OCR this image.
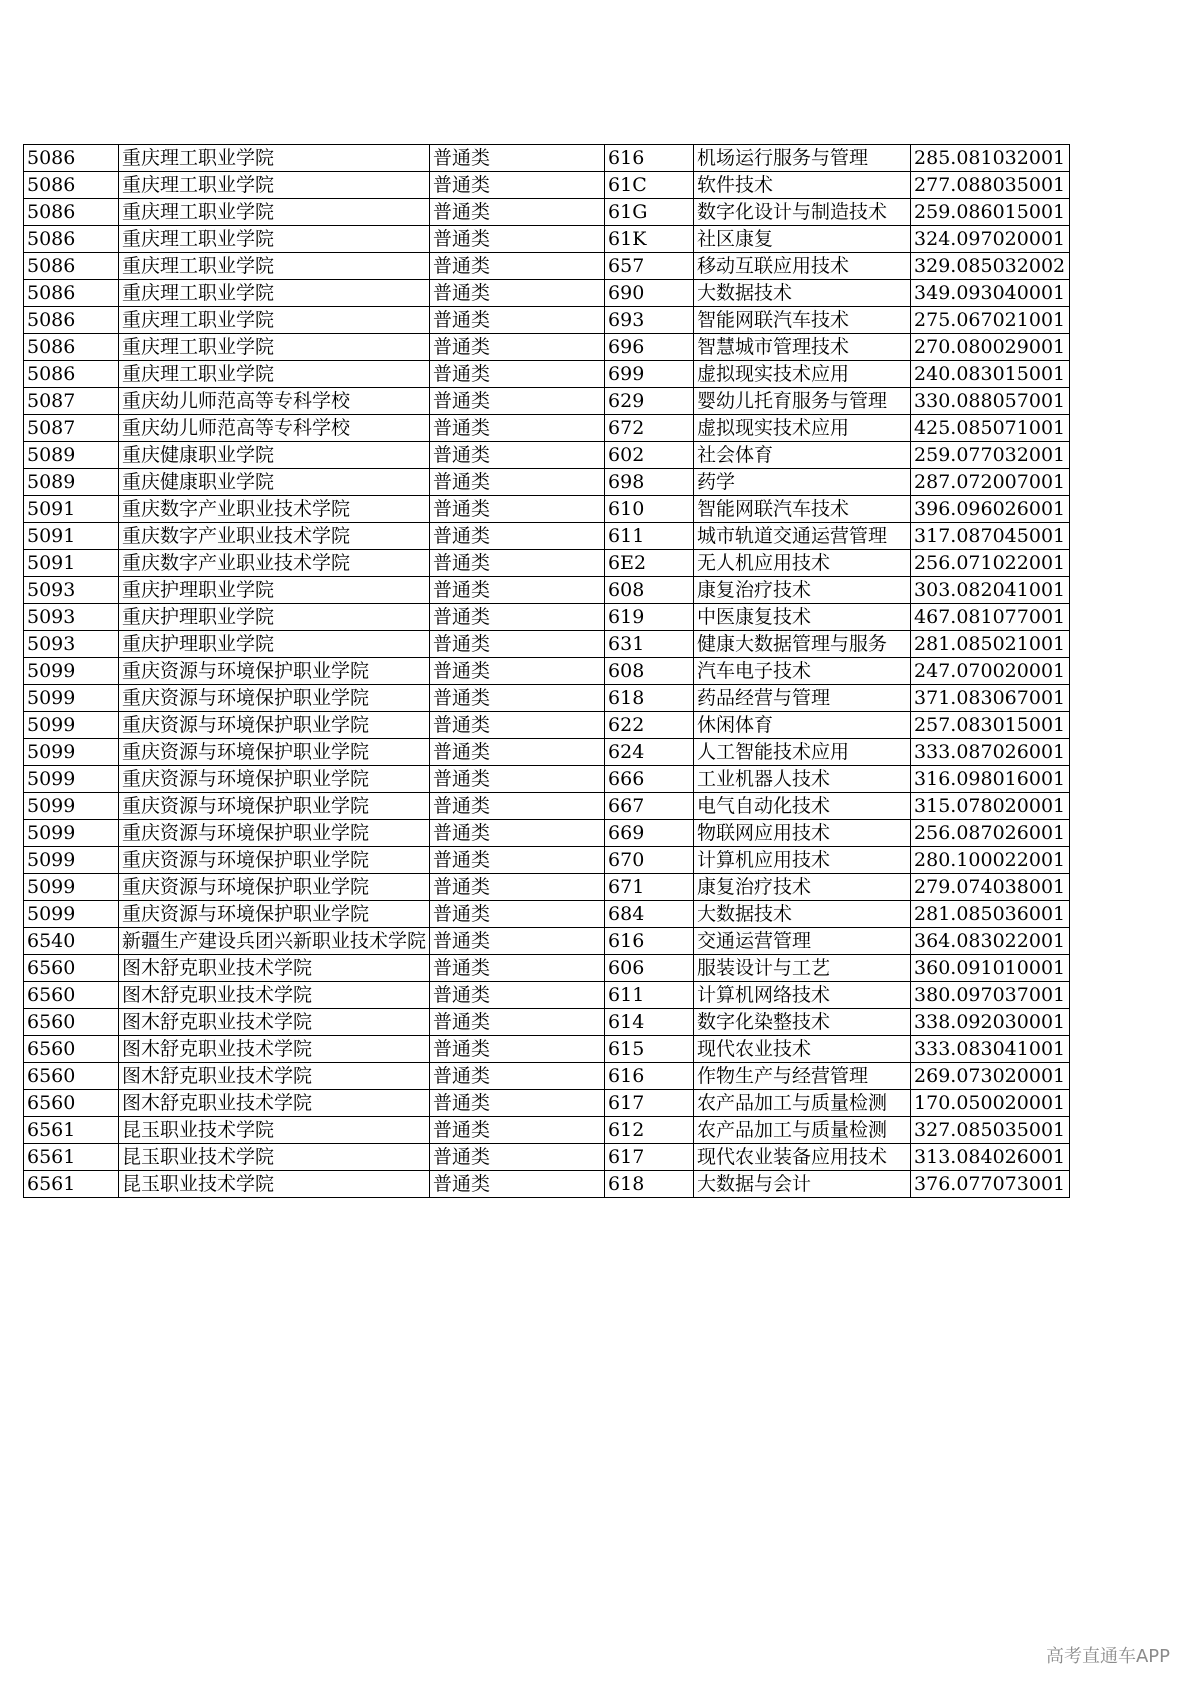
5086	重庆理工职业学院	普通类	616	机场运行服务与管理	285.081032001
5086	重庆理工职业学院	普通类	61C	软件技术	277.088035001
5086	重庆理工职业学院	普通类	61G	数字化设计与制造技术	259.086015001
5086	重庆理工职业学院	普通类	61K	社区康复	324.097020001
5086	重庆理工职业学院	普通类	657	移动互联应用技术	329.085032002
5086	重庆理工职业学院	普通类	690	大数据技术	349.093040001
5086	重庆理工职业学院	普通类	693	智能网联汽车技术	275.067021001
5086	重庆理工职业学院	普通类	696	智慧城市管理技术	270.080029001
5086	重庆理工职业学院	普通类	699	虚拟现实技术应用	240.083015001
5087	重庆幼儿师范高等专科学校	普通类	629	婴幼儿托育服务与管理	330.088057001
5087	重庆幼儿师范高等专科学校	普通类	672	虚拟现实技术应用	425.085071001
5089	重庆健康职业学院	普通类	602	社会体育	259.077032001
5089	重庆健康职业学院	普通类	698	药学	287.072007001
5091	重庆数字产业职业技术学院	普通类	610	智能网联汽车技术	396.096026001
5091	重庆数字产业职业技术学院	普通类	611	城市轨道交通运营管理	317.087045001
5091	重庆数字产业职业技术学院	普通类	6E2	无人机应用技术	256.071022001
5093	重庆护理职业学院	普通类	608	康复治疗技术	303.082041001
5093	重庆护理职业学院	普通类	619	中医康复技术	467.081077001
5093	重庆护理职业学院	普通类	631	健康大数据管理与服务	281.085021001
5099	重庆资源与环境保护职业学院	普通类	608	汽车电子技术	247.070020001
5099	重庆资源与环境保护职业学院	普通类	618	药品经营与管理	371.083067001
5099	重庆资源与环境保护职业学院	普通类	622	休闲体育	257.083015001
5099	重庆资源与环境保护职业学院	普通类	624	人工智能技术应用	333.087026001
5099	重庆资源与环境保护职业学院	普通类	666	工业机器人技术	316.098016001
5099	重庆资源与环境保护职业学院	普通类	667	电气自动化技术	315.078020001
5099	重庆资源与环境保护职业学院	普通类	669	物联网应用技术	256.087026001
5099	重庆资源与环境保护职业学院	普通类	670	计算机应用技术	280.100022001
5099	重庆资源与环境保护职业学院	普通类	671	康复治疗技术	279.074038001
5099	重庆资源与环境保护职业学院	普通类	684	大数据技术	281.085036001
6540	新疆生产建设兵团兴新职业技术学院	普通类	616	交通运营管理	364.083022001
6560	图木舒克职业技术学院	普通类	606	服装设计与工艺	360.091010001
6560	图木舒克职业技术学院	普通类	611	计算机网络技术	380.097037001
6560	图木舒克职业技术学院	普通类	614	数字化染整技术	338.092030001
6560	图木舒克职业技术学院	普通类	615	现代农业技术	333.083041001
6560	图木舒克职业技术学院	普通类	616	作物生产与经营管理	269.073020001
6560	图木舒克职业技术学院	普通类	617	农产品加工与质量检测	170.050020001
6561	昆玉职业技术学院	普通类	612	农产品加工与质量检测	327.085035001
6561	昆玉职业技术学院	普通类	617	现代农业装备应用技术	313.084026001
6561	昆玉职业技术学院	普通类	618	大数据与会计	376.077073001
高考直通车APP
